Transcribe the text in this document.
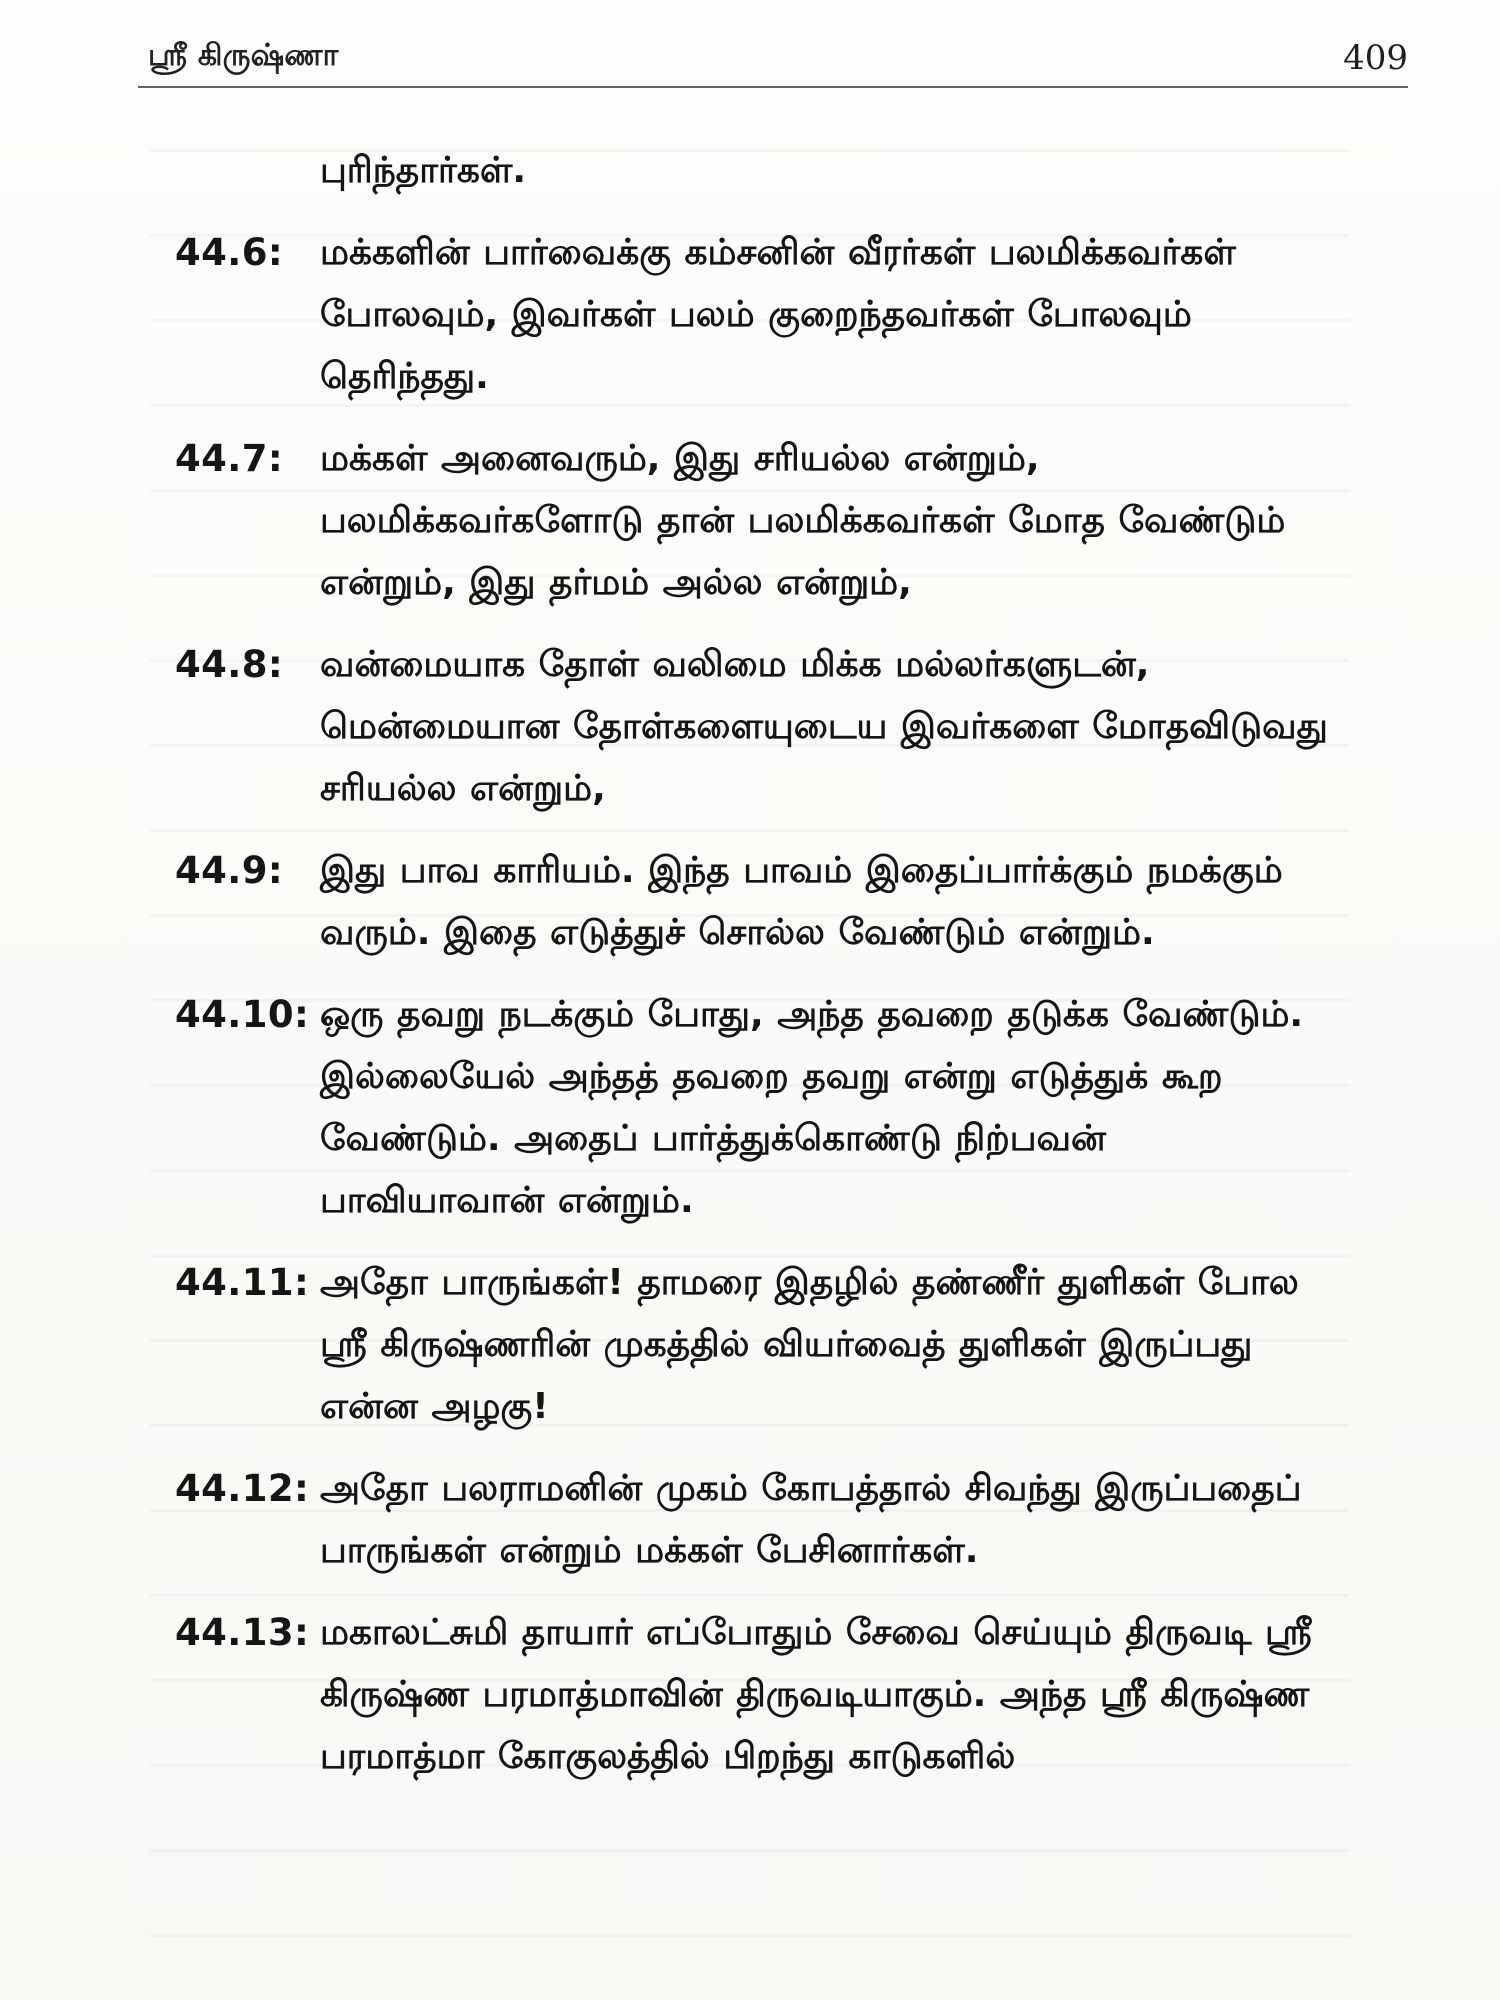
ஸ்ரீ கிருஷ்ணா	409
புரிந்தார்கள்.
44.6:	மக்களின் பார்வைக்கு கம்சனின் வீரர்கள் பலமிக்கவர்கள் போலவும், இவர்கள் பலம் குறைந்தவர்கள் போலவும் தெரிந்தது.
44.7:	மக்கள் அனைவரும், இது சரியல்ல என்றும், பலமிக்கவர்களோடு தான் பலமிக்கவர்கள் மோத வேண்டும் என்றும், இது தர்மம் அல்ல என்றும்,
44.8:	வன்மையாக தோள் வலிமை மிக்க மல்லர்களுடன், மென்மையான தோள்களையுடைய இவர்களை மோதவிடுவது சரியல்ல என்றும்,
44.9:	இது பாவ காரியம். இந்த பாவம் இதைப்பார்க்கும் நமக்கும் வரும். இதை எடுத்துச் சொல்ல வேண்டும் என்றும்.
44.10: ஒரு தவறு நடக்கும் போது, அந்த தவறை தடுக்க வேண்டும். இல்லையேல் அந்தத் தவறை தவறு என்று எடுத்துக் கூற வேண்டும். அதைப் பார்த்துக்கொண்டு நிற்பவன் பாவியாவான் என்றும்.
44.11: அதோ பாருங்கள்! தாமரை இதழில் தண்ணீர் துளிகள் போல ஸ்ரீ கிருஷ்ணரின் முகத்தில் வியர்வைத் துளிகள் இருப்பது என்ன அழகு!
44.12: அதோ பலராமனின் முகம் கோபத்தால் சிவந்து இருப்பதைப் பாருங்கள் என்றும் மக்கள் பேசினார்கள்.
44.13: மகாலட்சுமி தாயார் எப்போதும் சேவை செய்யும் திருவடி ஸ்ரீ கிருஷ்ண பரமாத்மாவின் திருவடியாகும். அந்த ஸ்ரீ கிருஷ்ண பரமாத்மா கோகுலத்தில் பிறந்து காடுகளில்
